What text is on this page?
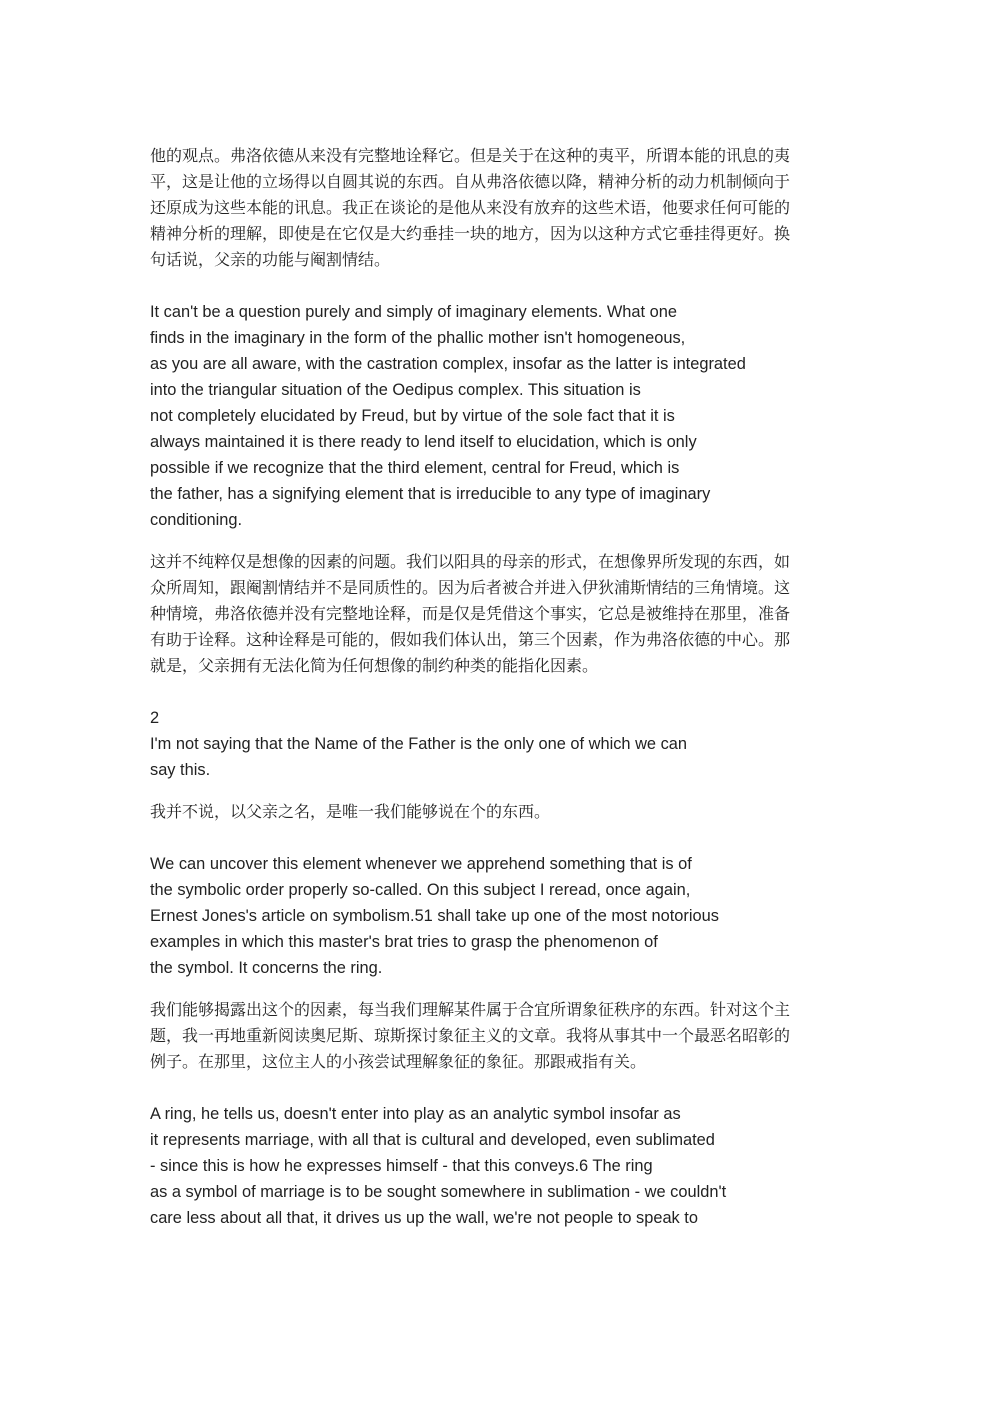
他的观点。弗洛依德从来没有完整地诠释它。但是关于在这种的夷平，所谓本能的讯息的夷
平，这是让他的立场得以自圆其说的东西。自从弗洛依德以降，精神分析的动力机制倾向于
还原成为这些本能的讯息。我正在谈论的是他从来没有放弃的这些术语，他要求任何可能的
精神分析的理解，即使是在它仅是大约垂挂一块的地方，因为以这种方式它垂挂得更好。换
句话说，父亲的功能与阉割情结。

It can't be a question purely and simply of imaginary elements. What one
finds in the imaginary in the form of the phallic mother isn't homogeneous,
as you are all aware, with the castration complex, insofar as the latter is integrated
into the triangular situation of the Oedipus complex. This situation is
not completely elucidated by Freud, but by virtue of the sole fact that it is
always maintained it is there ready to lend itself to elucidation, which is only
possible if we recognize that the third element, central for Freud, which is
the father, has a signifying element that is irreducible to any type of imaginary
conditioning.

这并不纯粹仅是想像的因素的问题。我们以阳具的母亲的形式，在想像界所发现的东西，如
众所周知，跟阉割情结并不是同质性的。因为后者被合并进入伊狄浦斯情结的三角情境。这
种情境，弗洛依德并没有完整地诠释，而是仅是凭借这个事实，它总是被维持在那里，准备
有助于诠释。这种诠释是可能的，假如我们体认出，第三个因素，作为弗洛依德的中心。那
就是，父亲拥有无法化简为任何想像的制约种类的能指化因素。

2
I'm not saying that the Name of the Father is the only one of which we can
say this.

我并不说，以父亲之名，是唯一我们能够说在个的东西。

We can uncover this element whenever we apprehend something that is of
the symbolic order properly so-called. On this subject I reread, once again,
Ernest Jones's article on symbolism.51 shall take up one of the most notorious
examples in which this master's brat tries to grasp the phenomenon of
the symbol. It concerns the ring.

我们能够揭露出这个的因素，每当我们理解某件属于合宜所谓象征秩序的东西。针对这个主
题，我一再地重新阅读奥尼斯、琼斯探讨象征主义的文章。我将从事其中一个最恶名昭彰的
例子。在那里，这位主人的小孩尝试理解象征的象征。那跟戒指有关。

A ring, he tells us, doesn't enter into play as an analytic symbol insofar as
it represents marriage, with all that is cultural and developed, even sublimated
- since this is how he expresses himself - that this conveys.6 The ring
as a symbol of marriage is to be sought somewhere in sublimation - we couldn't
care less about all that, it drives us up the wall, we're not people to speak to
